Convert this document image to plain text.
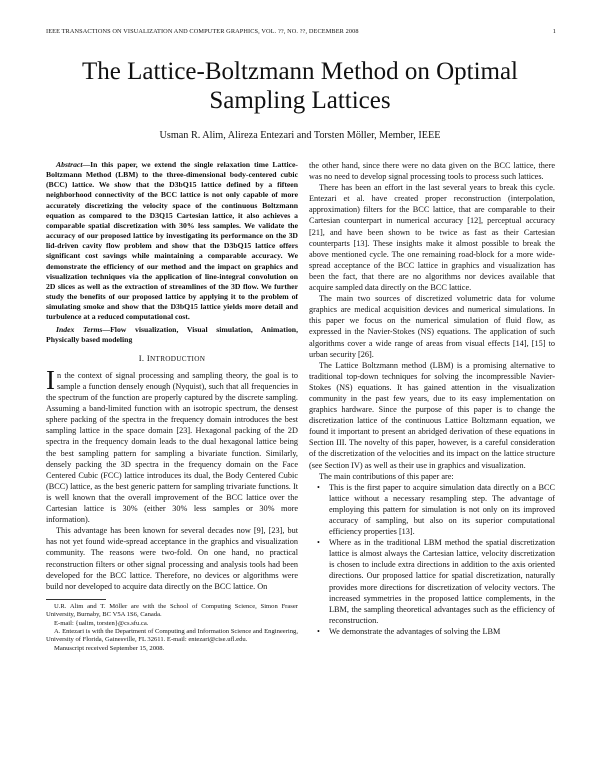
IEEE TRANSACTIONS ON VISUALIZATION AND COMPUTER GRAPHICS, VOL. ??, NO. ??, DECEMBER 2008	1
The Lattice-Boltzmann Method on Optimal Sampling Lattices
Usman R. Alim, Alireza Entezari and Torsten Möller, Member, IEEE

Abstract—In this paper, we extend the single relaxation time Lattice-Boltzmann Method (LBM) to the three-dimensional body-centered cubic (BCC) lattice. We show that the D3bQ15 lattice defined by a fifteen neighborhood connectivity of the BCC lattice is not only capable of more accurately discretizing the velocity space of the continuous Boltzmann equation as compared to the D3Q15 Cartesian lattice, it also achieves a comparable spatial discretization with 30% less samples. We validate the accuracy of our proposed lattice by investigating its performance on the 3D lid-driven cavity flow problem and show that the D3bQ15 lattice offers significant cost savings while maintaining a comparable accuracy. We demonstrate the efficiency of our method and the impact on graphics and visualization techniques via the application of line-integral convolution on 2D slices as well as the extraction of streamlines of the 3D flow. We further study the benefits of our proposed lattice by applying it to the problem of simulating smoke and show that the D3bQ15 lattice yields more detail and turbulence at a reduced computational cost.

Index Terms—Flow visualization, Visual simulation, Animation, Physically based modeling

I. INTRODUCTION

In the context of signal processing and sampling theory, the goal is to sample a function densely enough (Nyquist), such that all frequencies in the spectrum of the function are properly captured by the discrete sampling. Assuming a band-limited function with an isotropic spectrum, the densest sphere packing of the spectra in the frequency domain introduces the best sampling lattice in the space domain [23]. Hexagonal packing of the 2D spectra in the frequency domain leads to the dual hexagonal lattice being the best sampling pattern for sampling a bivariate function. Similarly, densely packing the 3D spectra in the frequency domain on the Face Centered Cubic (FCC) lattice introduces its dual, the Body Centered Cubic (BCC) lattice, as the best generic pattern for sampling trivariate functions. It is well known that the overall improvement of the BCC lattice over the Cartesian lattice is 30% (either 30% less samples or 30% more information).

This advantage has been known for several decades now [9], [23], but has not yet found wide-spread acceptance in the graphics and visualization community. The reasons were two-fold. On one hand, no practical reconstruction filters or other signal processing and analysis tools had been developed for the BCC lattice. Therefore, no devices or algorithms were build nor developed to acquire data directly on the BCC lattice. On

U.R. Alim and T. Möller are with the School of Computing Science, Simon Fraser University, Burnaby, BC V5A 1S6, Canada.

E-mail: {ualim, torsten}@cs.sfu.ca.

A. Entezari is with the Department of Computing and Information Science and Engineering, University of Florida, Gainesville, FL 32611. E-mail: entezari@cise.ufl.edu.

Manuscript received September 15, 2008.

the other hand, since there were no data given on the BCC lattice, there was no need to develop signal processing tools to process such lattices.

There has been an effort in the last several years to break this cycle. Entezari et al. have created proper reconstruction (interpolation, approximation) filters for the BCC lattice, that are comparable to their Cartesian counterpart in numerical accuracy [12], perceptual accuracy [21], and have been shown to be twice as fast as their Cartesian counterparts [13]. These insights make it almost possible to break the above mentioned cycle. The one remaining road-block for a more wide-spread acceptance of the BCC lattice in graphics and visualization has been the fact, that there are no algorithms nor devices available that acquire sampled data directly on the BCC lattice.

The main two sources of discretized volumetric data for volume graphics are medical acquisition devices and numerical simulations. In this paper we focus on the numerical simulation of fluid flow, as expressed in the Navier-Stokes (NS) equations. The application of such algorithms cover a wide range of areas from visual effects [14], [15] to urban security [26].

The Lattice Boltzmann method (LBM) is a promising alternative to traditional top-down techniques for solving the incompressible Navier-Stokes (NS) equations. It has gained attention in the visualization community in the past few years, due to its easy implementation on graphics hardware. Since the purpose of this paper is to change the discretization lattice of the continuous Lattice Boltzmann equation, we found it important to present an abridged derivation of these equations in Section III. The novelty of this paper, however, is a careful consideration of the discretization of the velocities and its impact on the lattice structure (see Section IV) as well as their use in graphics and visualization.

The main contributions of this paper are:

• This is the first paper to acquire simulation data directly on a BCC lattice without a necessary resampling step. The advantage of employing this pattern for simulation is not only on its improved accuracy of sampling, but also on its superior computational efficiency properties [13].
• Where as in the traditional LBM method the spatial discretization lattice is almost always the Cartesian lattice, velocity discretization is chosen to include extra directions in addition to the axis oriented directions. Our proposed lattice for spatial discretization, naturally provides more directions for discretization of velocity vectors. The increased symmetries in the proposed lattice complements, in the LBM, the sampling theoretical advantages such as the efficiency of reconstruction.
• We demonstrate the advantages of solving the LBM
